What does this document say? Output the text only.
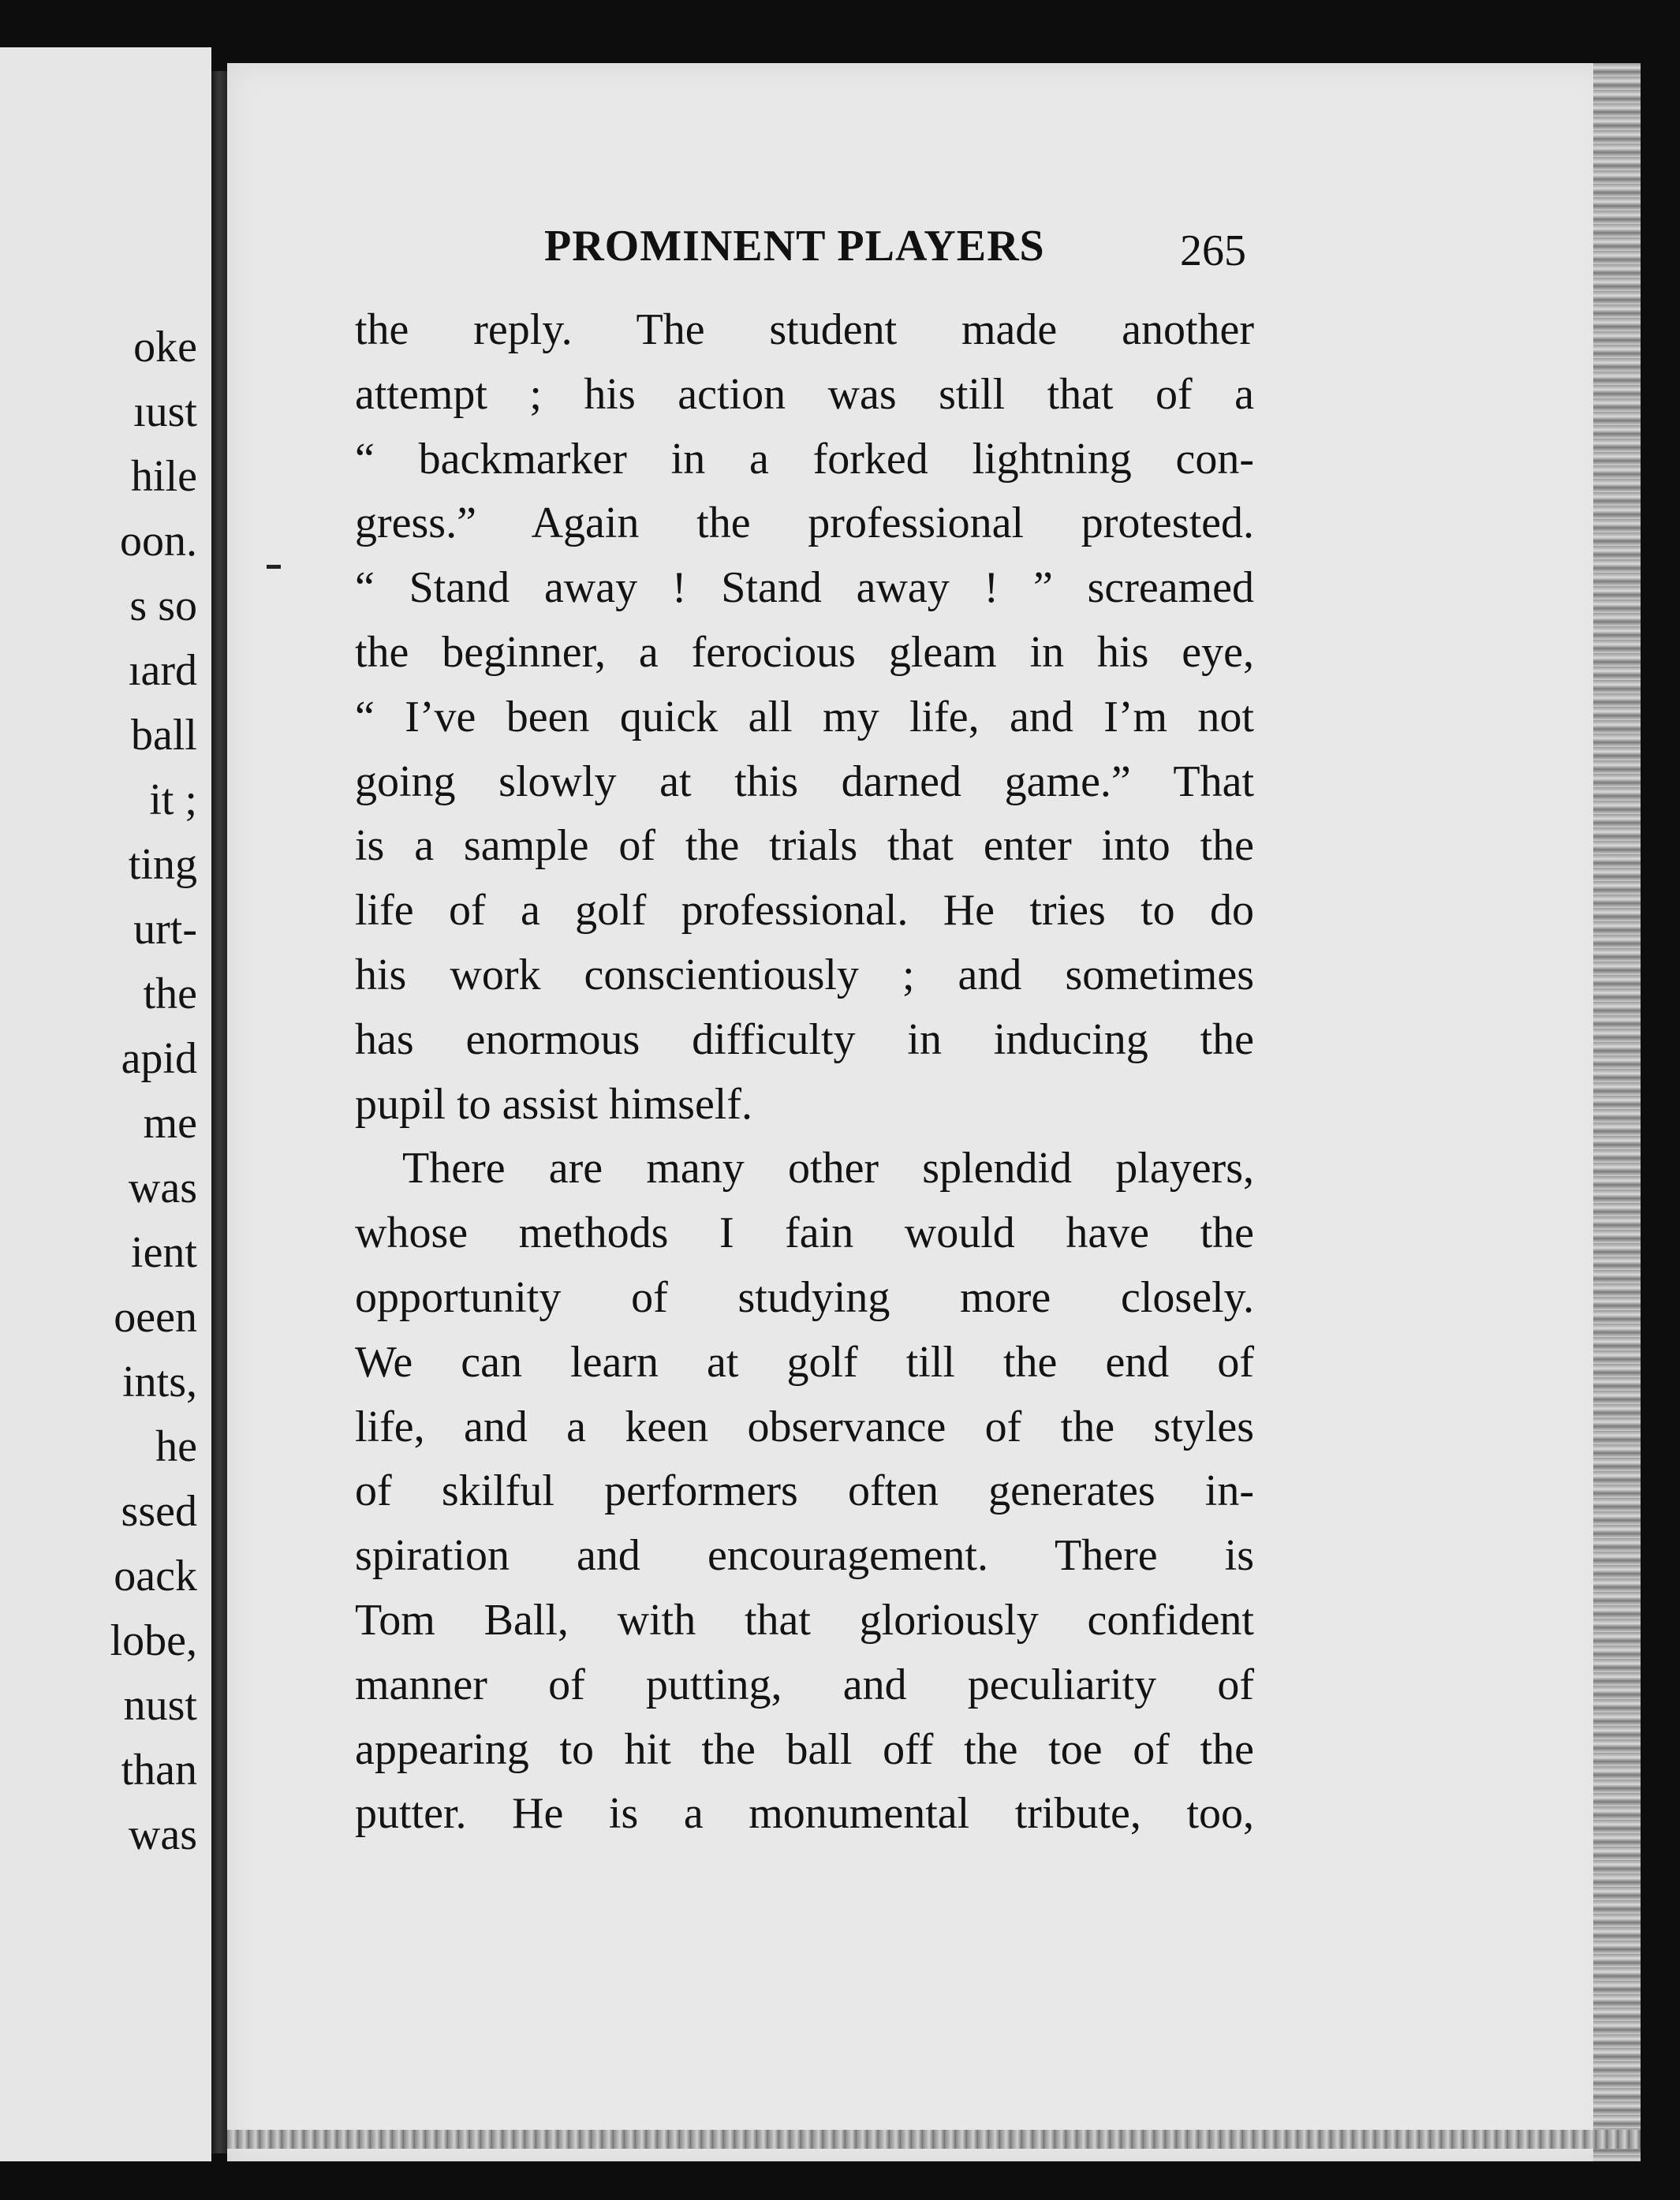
oke
ıust
hile
oon.
s so
ıard
ball
it ;
ting
urt-
the
apid
me
was
ient
oeen
ints,
he
ssed
oack
lobe,
nust
than
was
PROMINENT PLAYERS	265
the reply. The student made another
attempt ; his action was still that of a
“ backmarker in a forked lightning con-
gress.” Again the professional protested.
“ Stand away ! Stand away ! ” screamed
the beginner, a ferocious gleam in his eye,
“ I’ve been quick all my life, and I’m not
going slowly at this darned game.” That
is a sample of the trials that enter into the
life of a golf professional. He tries to do
his work conscientiously ; and sometimes
has enormous difficulty in inducing the
pupil to assist himself.
There are many other splendid players,
whose methods I fain would have the
opportunity of studying more closely.
We can learn at golf till the end of
life, and a keen observance of the styles
of skilful performers often generates in-
spiration and encouragement. There is
Tom Ball, with that gloriously confident
manner of putting, and peculiarity of
appearing to hit the ball off the toe of the
putter. He is a monumental tribute, too,
